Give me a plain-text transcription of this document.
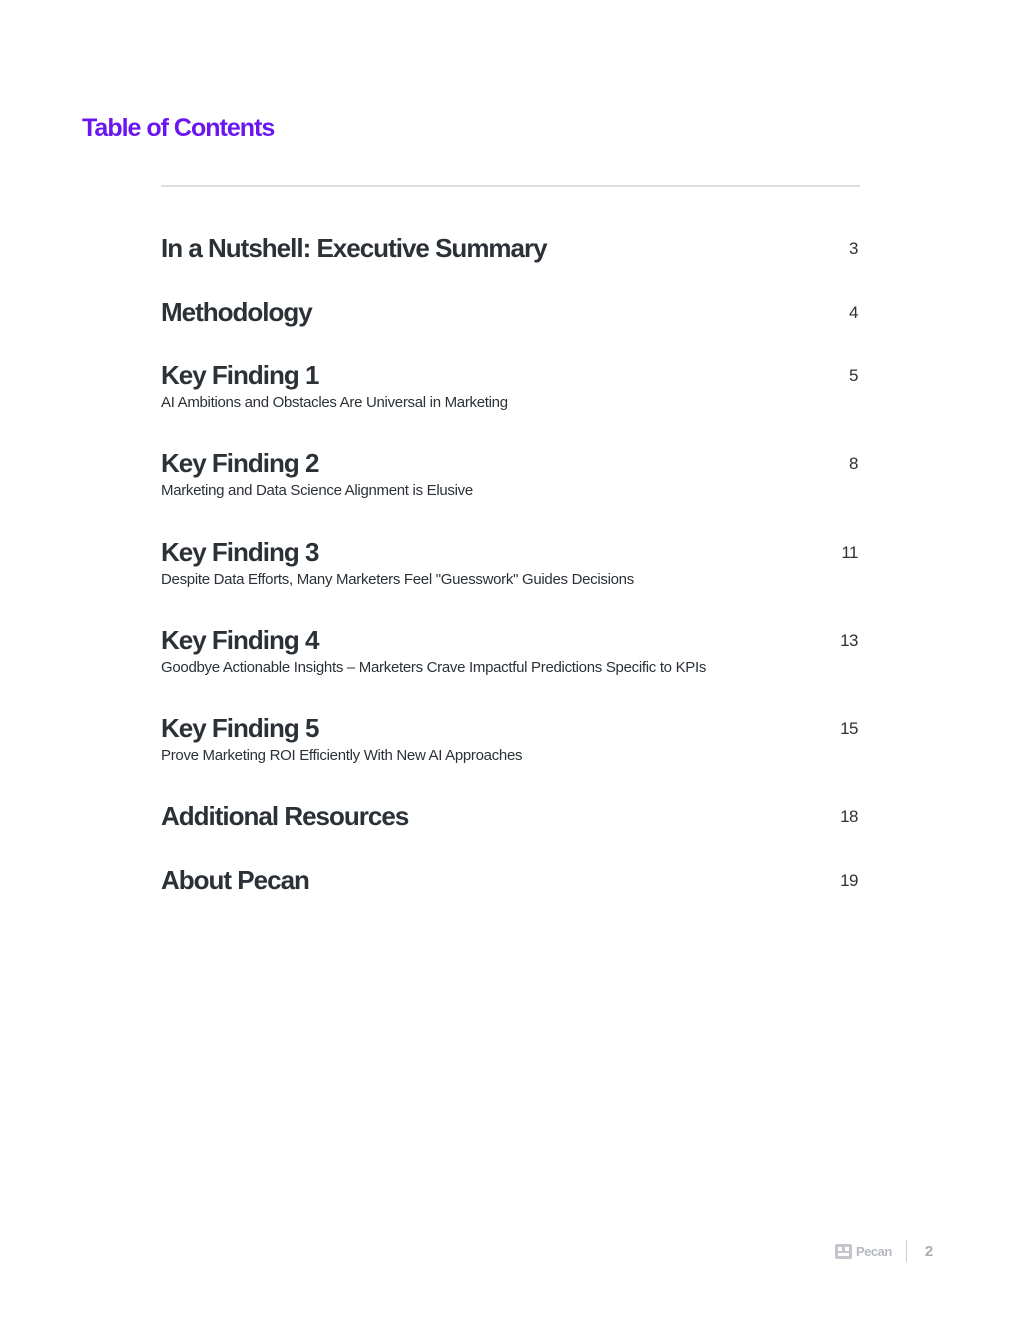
Table of Contents
In a Nutshell: Executive Summary	3
Methodology	4
Key Finding 1	5
AI Ambitions and Obstacles Are Universal in Marketing
Key Finding 2	8
Marketing and Data Science Alignment is Elusive
Key Finding 3	11
Despite Data Efforts, Many Marketers Feel "Guesswork" Guides Decisions
Key Finding 4	13
Goodbye Actionable Insights – Marketers Crave Impactful Predictions Specific to KPIs
Key Finding 5	15
Prove Marketing ROI Efficiently With New AI Approaches
Additional Resources	18
About Pecan	19
Pecan 2
